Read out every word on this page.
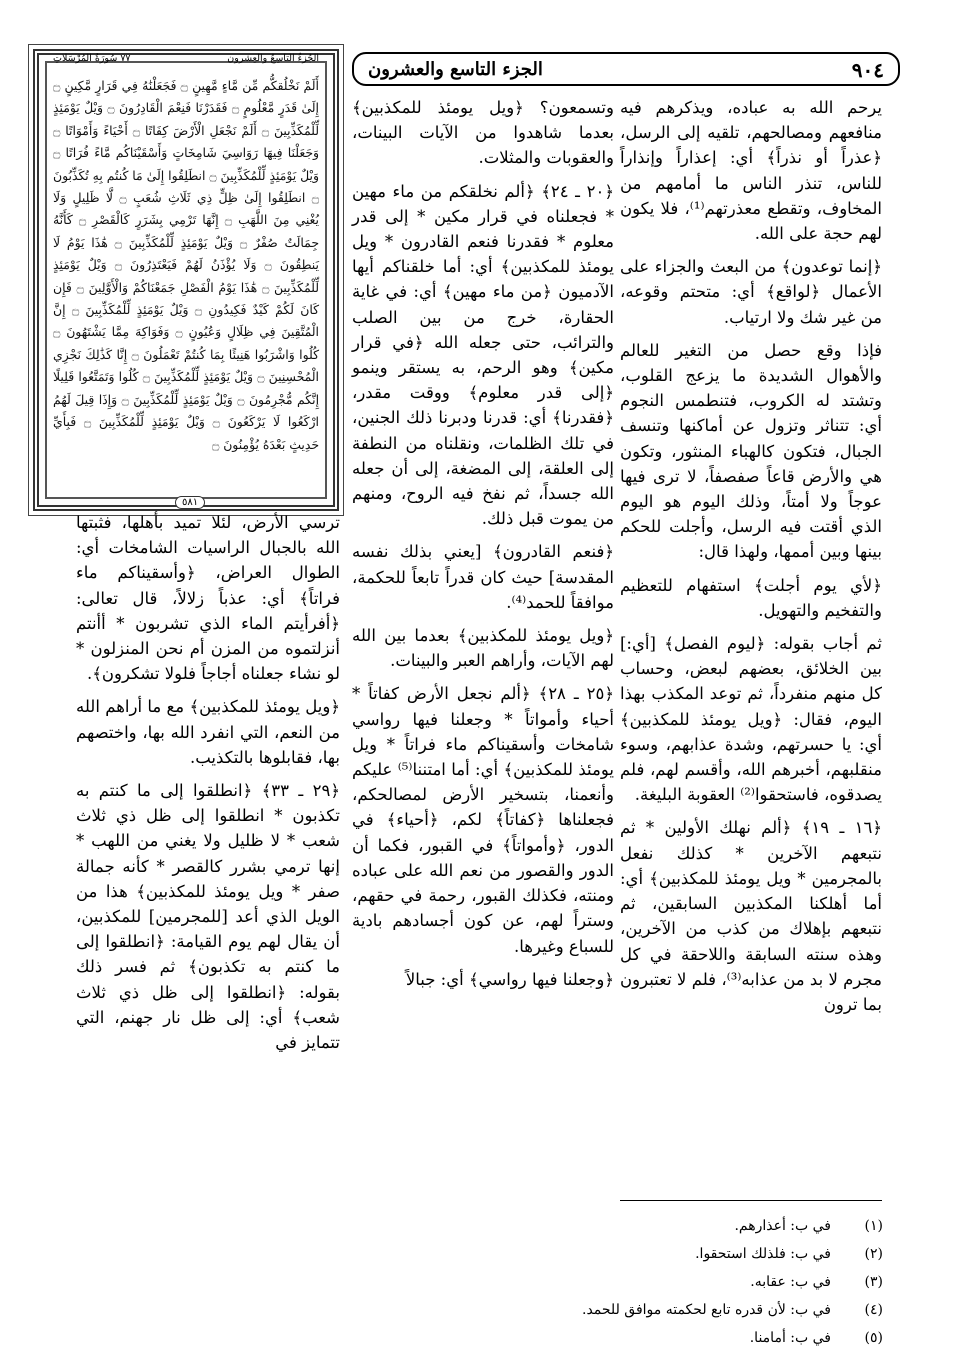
٩٠٤
الجزء التاسع والعشرون
الجُزءُ التاسِعُ والعِشرون
٧٧ سُورَةُ المُرْسَلاتِ
أَلَمْ نَخْلُقكُّم مِّن مَّاءٍ مَّهِينٍ ۝ فَجَعَلْنَٰهُ فِي قَرَارٍ مَّكِينٍ ۝ إِلَىٰ قَدَرٍ مَّعْلُومٍ ۝ فَقَدَرْنَا فَنِعْمَ الْقَادِرُونَ ۝ وَيْلٌ يَوْمَئِذٍ لِّلْمُكَذِّبِينَ ۝ أَلَمْ نَجْعَلِ الْأَرْضَ كِفَاتًا ۝ أَحْيَاءً وَأَمْوَاتًا ۝ وَجَعَلْنَا فِيهَا رَوَاسِيَ شَامِخَاتٍ وَأَسْقَيْنَاكُم مَّاءً فُرَاتًا ۝ وَيْلٌ يَوْمَئِذٍ لِّلْمُكَذِّبِينَ ۝ انطَلِقُوا إِلَىٰ مَا كُنتُم بِهِ تُكَذِّبُونَ ۝ انطَلِقُوا إِلَىٰ ظِلٍّ ذِي ثَلَاثِ شُعَبٍ ۝ لَّا ظَلِيلٍ وَلَا يُغْنِي مِنَ اللَّهَبِ ۝ إِنَّهَا تَرْمِي بِشَرَرٍ كَالْقَصْرِ ۝ كَأَنَّهُ جِمَالَتٌ صُفْرٌ ۝ وَيْلٌ يَوْمَئِذٍ لِّلْمُكَذِّبِينَ ۝ هَٰذَا يَوْمُ لَا يَنطِقُونَ ۝ وَلَا يُؤْذَنُ لَهُمْ فَيَعْتَذِرُونَ ۝ وَيْلٌ يَوْمَئِذٍ لِّلْمُكَذِّبِينَ ۝ هَٰذَا يَوْمُ الْفَصْلِ جَمَعْنَاكُمْ وَالْأَوَّلِينَ ۝ فَإِن كَانَ لَكُمْ كَيْدٌ فَكِيدُونِ ۝ وَيْلٌ يَوْمَئِذٍ لِّلْمُكَذِّبِينَ ۝ إِنَّ الْمُتَّقِينَ فِي ظِلَالٍ وَعُيُونٍ ۝ وَفَوَاكِهَ مِمَّا يَشْتَهُونَ ۝ كُلُوا وَاشْرَبُوا هَنِيئًا بِمَا كُنتُمْ تَعْمَلُونَ ۝ إِنَّا كَذَٰلِكَ نَجْزِي الْمُحْسِنِينَ ۝ وَيْلٌ يَوْمَئِذٍ لِّلْمُكَذِّبِينَ ۝ كُلُوا وَتَمَتَّعُوا قَلِيلًا إِنَّكُم مُّجْرِمُونَ ۝ وَيْلٌ يَوْمَئِذٍ لِّلْمُكَذِّبِينَ ۝ وَإِذَا قِيلَ لَهُمُ ارْكَعُوا لَا يَرْكَعُونَ ۝ وَيْلٌ يَوْمَئِذٍ لِّلْمُكَذِّبِينَ ۝ فَبِأَيِّ حَدِيثٍ بَعْدَهُ يُؤْمِنُونَ ۝
٥٨١

يرحم الله به عباده، ويذكرهم فيه منافعهم ومصالحهم، تلقيه إلى الرسل، ﴿عذراً أو نذراً﴾ أي: إعذاراً وإنذاراً للناس، تنذر الناس ما أمامهم من المخاوف، وتقطع معذرتهم⁽¹⁾، فلا يكون لهم حجة على الله.

﴿إنما توعدون﴾ من البعث والجزاء على الأعمال ﴿لواقع﴾ أي: متحتم وقوعه، من غير شك ولا ارتياب.

فإذا وقع حصل من التغير للعالم والأهوال الشديدة ما يزعج القلوب، وتشتد له الكروب، فتنطمس النجوم أي: تتناثر وتزول عن أماكنها وتنسف الجبال، فتكون كالهباء المنثور، وتكون هي والأرض قاعاً صفصفاً، لا ترى فيها عوجاً ولا أمتاً، وذلك اليوم هو اليوم الذي أقتت فيه الرسل، وأجلت للحكم بينها وبين أممها، ولهذا قال:

﴿لأي يوم أجلت﴾ استفهام للتعظيم والتفخيم والتهويل.

ثم أجاب بقوله: ﴿ليوم الفصل﴾ [أي:] بين الخلائق، بعضهم لبعض، وحساب كل منهم منفرداً، ثم توعد المكذب بهذا اليوم، فقال: ﴿ويل يومئذ للمكذبين﴾ أي: يا حسرتهم، وشدة عذابهم، وسوء منقلبهم، أخبرهم الله، وأقسم لهم، فلم يصدقوه، فاستحقوا⁽²⁾ العقوبة البليغة.

﴿١٦ ـ ١٩﴾ ﴿ألم نهلك الأولين * ثم نتبعهم الآخرين * كذلك نفعل بالمجرمين * ويل يومئذ للمكذبين﴾ أي: أما أهلكنا المكذبين السابقين، ثم نتبعهم بإهلاك من كذب من الآخرين، وهذه سنته السابقة واللاحقة في كل مجرم لا بد من عذابه⁽³⁾، فلم لا تعتبرون بما ترون

وتسمعون؟ ﴿ويل يومئذ للمكذبين﴾ بعدما شاهدوا من الآيات البينات، والعقوبات والمثلات.

﴿٢٠ ـ ٢٤﴾ ﴿ألم نخلقكم من ماء مهين * فجعلناه في قرار مكين * إلى قدر معلوم * فقدرنا فنعم القادرون * ويل يومئذ للمكذبين﴾ أي: أما خلقناكم أيها الآدميون ﴿من ماء مهين﴾ أي: في غاية الحقارة، خرج من بين الصلب والترائب، حتى جعله الله ﴿في قرار مكين﴾ وهو الرحم، به يستقر وينمو ﴿إلى قدر معلوم﴾ ووقت مقدر، ﴿فقدرنا﴾ أي: قدرنا ودبرنا ذلك الجنين، في تلك الظلمات، ونقلناه من النطفة إلى العلقة، إلى المضغة، إلى أن جعله الله جسداً، ثم نفخ فيه الروح، ومنهم من يموت قبل ذلك.

﴿فنعم القادرون﴾ [يعني بذلك نفسه المقدسة] حيث كان قدراً تابعاً للحكمة، موافقاً للحمد⁽⁴⁾.

﴿ويل يومئذ للمكذبين﴾ بعدما بين الله لهم الآيات، وأراهم العبر والبينات.

﴿٢٥ ـ ٢٨﴾ ﴿ألم نجعل الأرض كفاتاً * أحياء وأمواتاً * وجعلنا فيها رواسي شامخات وأسقيناكم ماء فراتاً * ويل يومئذ للمكذبين﴾ أي: أما امتننا⁽⁵⁾ عليكم وأنعمنا، بتسخير الأرض لمصالحكم، فجعلناها ﴿كفاتاً﴾ لكم، ﴿أحياء﴾ في الدور، ﴿وأمواتاً﴾ في القبور، فكما أن الدور والقصور من نعم الله على عباده ومنته، فكذلك القبور، رحمة في حقهم، وستراً لهم، عن كون أجسادهم بادية للسباع وغيرها.

﴿وجعلنا فيها رواسي﴾ أي: جبالاً

ترسي الأرض، لئلا تميد بأهلها، فثبتها الله بالجبال الراسيات الشامخات أي: الطوال العراض، ﴿وأسقيناكم ماء فراتاً﴾ أي: عذباً زلالاً، قال تعالى: ﴿أفرأيتم الماء الذي تشربون * أأنتم أنزلتموه من المزن أم نحن المنزلون * لو نشاء جعلناه أجاجاً فلولا تشكرون﴾.

﴿ويل يومئذ للمكذبين﴾ مع ما أراهم الله من النعم، التي انفرد الله بها، واختصهم بها، فقابلوها بالتكذيب.

﴿٢٩ ـ ٣٣﴾ ﴿انطلقوا إلى ما كنتم به تكذبون * انطلقوا إلى ظل ذي ثلاث شعب * لا ظليل ولا يغني من اللهب * إنها ترمي بشرر كالقصر * كأنه جمالة صفر * ويل يومئذ للمكذبين﴾ هذا من الويل الذي أعد [للمجرمين] للمكذبين، أن يقال لهم يوم القيامة: ﴿انطلقوا إلى ما كنتم به تكذبون﴾ ثم فسر ذلك بقوله: ﴿انطلقوا إلى ظل ذي ثلاث شعب﴾ أي: إلى ظل نار جهنم، التي تتمايز في

(١)
في ب: أعذارهم.
(٢)
في ب: فلذلك استحقوا.
(٣)
في ب: عقابه.
(٤)
في ب: لأن قدره تابع لحكمته موافق للحمد.
(٥)
في ب: أمامنا.
